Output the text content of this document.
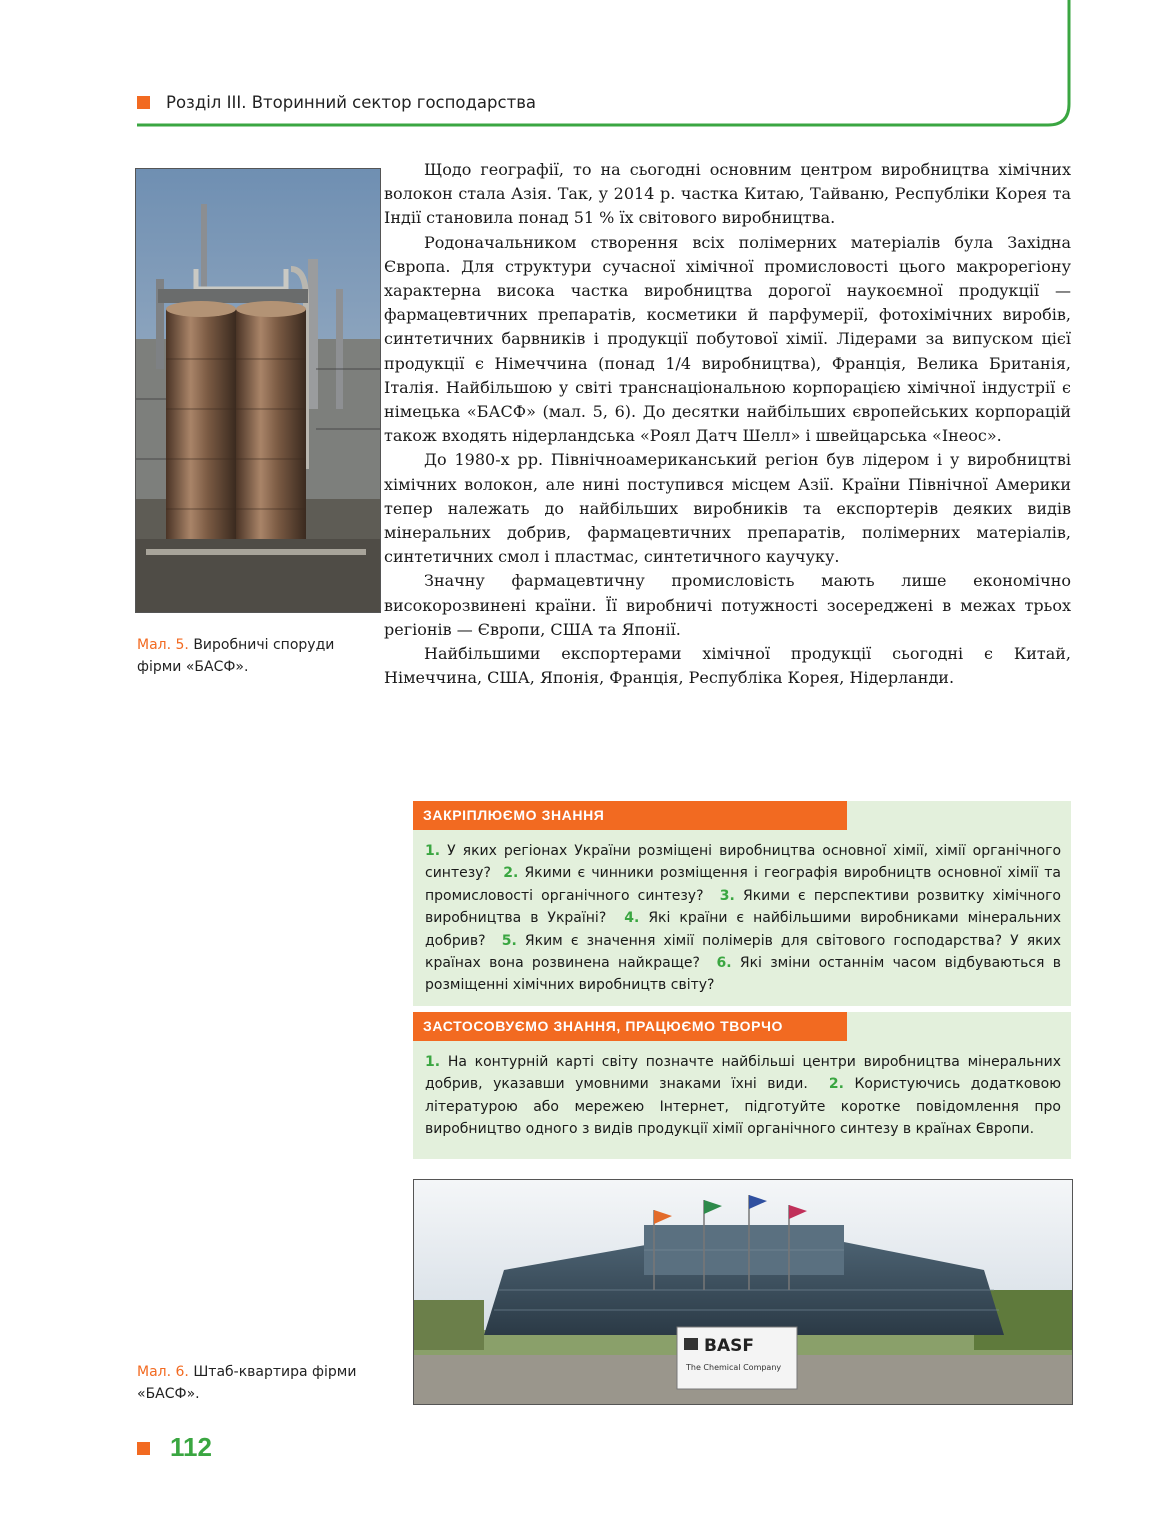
Розділ ІІІ. Вторинний сектор господарства
Мал. 5. Виробничі споруди фірми «БАСФ».

Щодо географії, то на сьогодні основним центром виробництва хімічних волокон стала Азія. Так, у 2014 р. частка Китаю, Тайваню, Республіки Корея та Індії становила понад 51 % їх світового виробництва.

Родоначальником створення всіх полімерних матеріалів була Західна Європа. Для структури сучасної хімічної промисловості цього макрорегіону характерна висока частка виробництва дорогої наукоємної продукції — фармацевтичних препаратів, косметики й парфумерії, фотохімічних виробів, синтетичних барвників і продукції побутової хімії. Лідерами за випуском цієї продукції є Німеччина (понад 1/4 виробництва), Франція, Велика Британія, Італія. Найбільшою у світі транснаціональною корпорацією хімічної індустрії є німецька «БАСФ» (мал. 5, 6). До десятки найбільших європейських корпорацій також входять нідерландська «Роял Датч Шелл» і швейцарська «Інеос».

До 1980-х рр. Північноамериканський регіон був лідером і у виробництві хімічних волокон, але нині поступився місцем Азії. Країни Північної Америки тепер належать до найбільших виробників та експортерів деяких видів мінеральних добрив, фармацевтичних препаратів, полімерних матеріалів, синтетичних смол і пластмас, синтетичного каучуку.

Значну фармацевтичну промисловість мають лише економічно високорозвинені країни. Її виробничі потужності зосереджені в межах трьох регіонів — Європи, США та Японії.

Найбільшими експортерами хімічної продукції сьогодні є Китай, Німеччина, США, Японія, Франція, Республіка Корея, Нідерланди.

ЗАКРІПЛЮЄМО ЗНАННЯ
1. У яких регіонах України розміщені виробництва основної хімії, хімії органічного синтезу? 2. Якими є чинники розміщення і географія виробництв основної хімії та промисловості органічного синтезу? 3. Якими є перспективи розвитку хімічного виробництва в Україні? 4. Які країни є найбільшими виробниками мінеральних добрив? 5. Яким є значення хімії полімерів для світового господарства? У яких країнах вона розвинена найкраще? 6. Які зміни останнім часом відбуваються в розміщенні хімічних виробництв світу?
ЗАСТОСОВУЄМО ЗНАННЯ, ПРАЦЮЄМО ТВОРЧО
1. На контурній карті світу позначте найбільші центри виробництва мінеральних добрив, указавши умовними знаками їхні види. 2. Користуючись додатковою літературою або мережею Інтернет, підготуйте коротке повідомлення про виробництво одного з видів продукції хімії органічного синтезу в країнах Європи.
BASF
The Chemical Company
Мал. 6. Штаб-квартира фірми «БАСФ».
112
